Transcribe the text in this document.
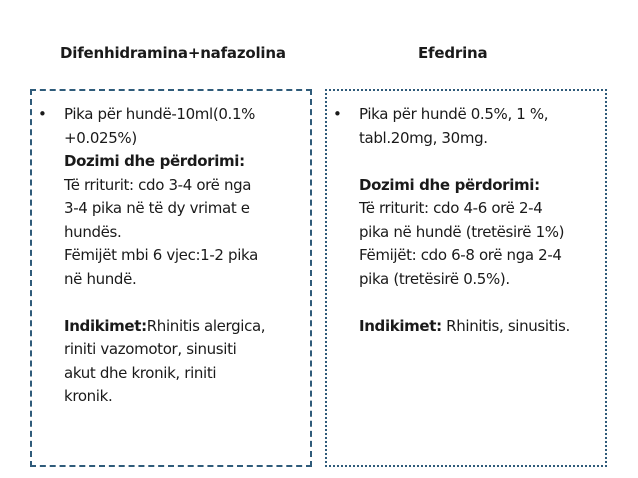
Difenhidramina+nafazolina	Efedrina
• Pika për hundë-10ml(0.1%
+0.025%)
Dozimi dhe përdorimi:
Të rriturit: cdo 3-4 orë nga
3-4 pika në të dy vrimat e
hundës.
Fëmijët mbi 6 vjec:1-2 pika
në hundë.
Indikimet:Rhinitis alergica,
riniti vazomotor, sinusiti
akut dhe kronik, riniti
kronik.
• Pika për hundë 0.5%, 1 %,
tabl.20mg, 30mg.
Dozimi dhe përdorimi:
Të rriturit: cdo 4-6 orë 2-4
pika në hundë (tretësirë 1%)
Fëmijët: cdo 6-8 orë nga 2-4
pika (tretësirë 0.5%).
Indikimet: Rhinitis, sinusitis.
